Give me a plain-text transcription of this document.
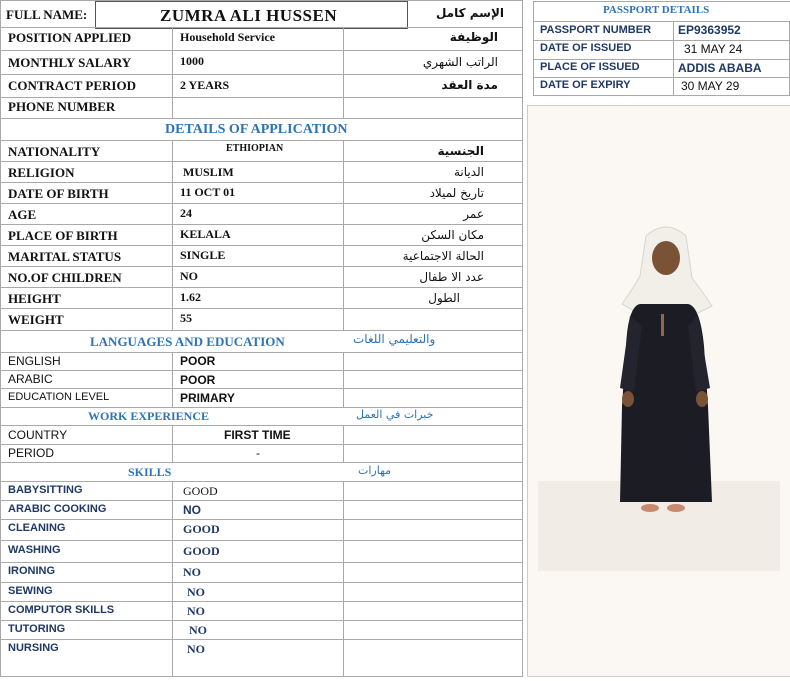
FULL NAME:	ZUMRA ALI HUSSEN	الإسم كامل
POSITION APPLIED	Household Service	الوظيفة
MONTHLY SALARY	1000	الراتب الشهري
CONTRACT PERIOD	2 YEARS	مدة العقد
PHONE NUMBER
DETAILS OF APPLICATION
NATIONALITY	ETHIOPIAN	الجنسية
RELIGION	MUSLIM	الديانة
DATE OF BIRTH	11 OCT 01	تاريخ لميلاد
AGE	24	عمر
PLACE OF BIRTH	KELALA	مكان السكن
MARITAL STATUS	SINGLE	الحالة الاجتماعية
NO.OF CHILDREN	NO	عدد الا طفال
HEIGHT	1.62	الطول
WEIGHT	55
LANGUAGES AND EDUCATION	والتعليمي اللغات
ENGLISH	POOR
ARABIC	POOR
EDUCATION LEVEL	PRIMARY
WORK EXPERIENCE	خبرات في العمل
COUNTRY	FIRST TIME
PERIOD	-
SKILLS	مهارات
BABYSITTING	GOOD
ARABIC COOKING	NO
CLEANING	GOOD
WASHING	GOOD
IRONING	NO
SEWING	NO
COMPUTOR SKILLS	NO
TUTORING	NO
NURSING	NO
PASSPORT DETAILS
PASSPORT NUMBER EP9363952
DATE OF ISSUED	31 MAY 24
PLACE OF ISSUED	ADDIS ABABA
DATE OF EXPIRY	30 MAY 29
